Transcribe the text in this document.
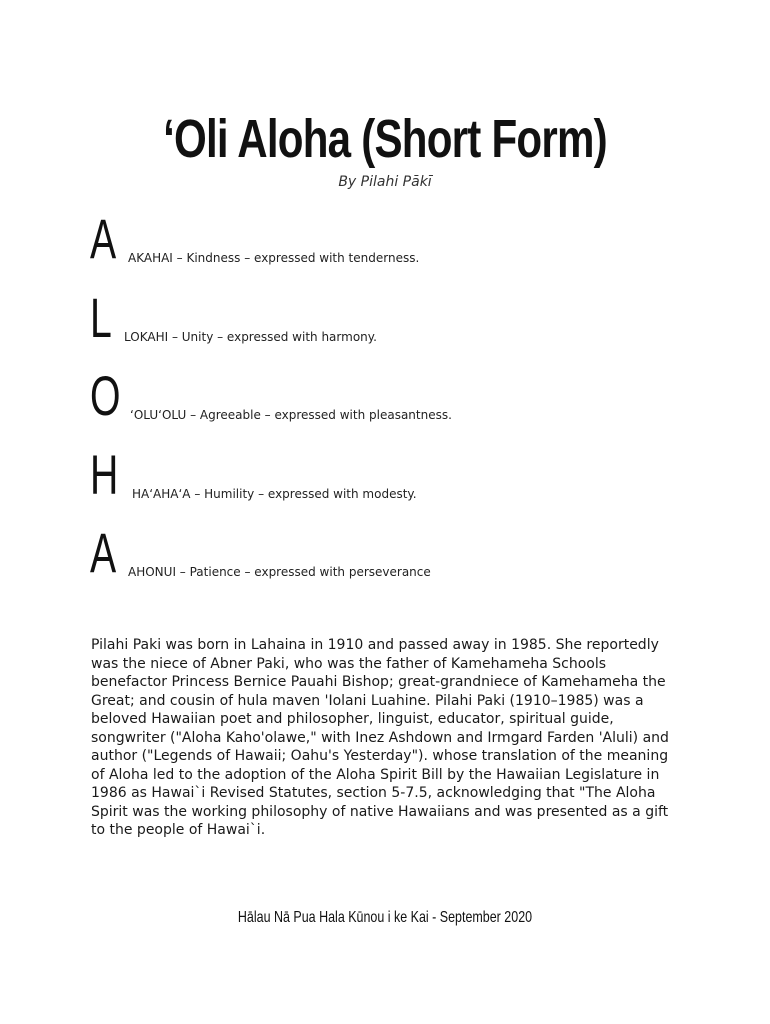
‘Oli Aloha (Short Form)
By Pilahi Pākī
A AKAHAI – Kindness – expressed with tenderness.
L LOKAHI – Unity – expressed with harmony.
O ʻOLUʻOLU – Agreeable – expressed with pleasantness.
H HAʻAHAʻA – Humility – expressed with modesty.
A AHONUI – Patience – expressed with perseverance

Pilahi Paki was born in Lahaina in 1910 and passed away in 1985. She reportedly was the niece of Abner Paki, who was the father of Kamehameha Schools benefactor Princess Bernice Pauahi Bishop; great-grandniece of Kamehameha the Great; and cousin of hula maven 'Iolani Luahine. Pilahi Paki (1910–1985) was a beloved Hawaiian poet and philosopher, linguist, educator, spiritual guide, songwriter ("Aloha Kaho'olawe," with Inez Ashdown and Irmgard Farden 'Aluli) and author ("Legends of Hawaii; Oahu's Yesterday"). whose translation of the meaning of Aloha led to the adoption of the Aloha Spirit Bill by the Hawaiian Legislature in 1986 as Hawai`i Revised Statutes, section 5-7.5, acknowledging that "The Aloha Spirit was the working philosophy of native Hawaiians and was presented as a gift to the people of Hawai`i.

Hālau Nā Pua Hala Kūnou i ke Kai - September 2020
